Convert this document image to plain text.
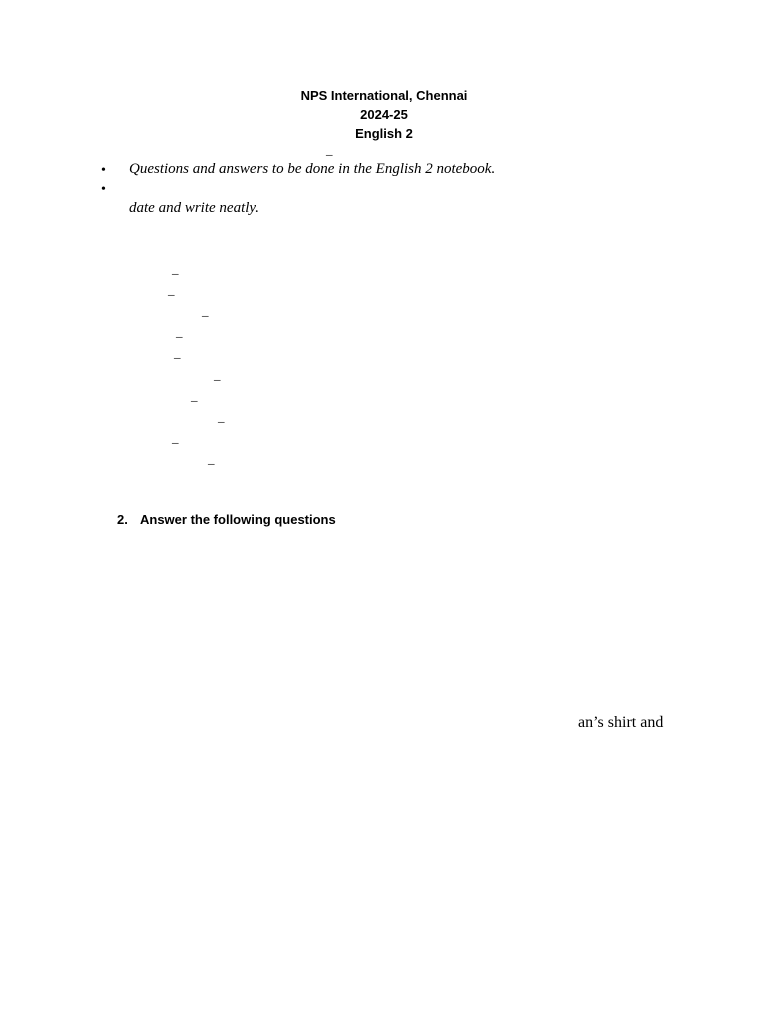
NPS International, Chennai
2024-25
English 2
_
• Questions and answers to be done in the English 2 notebook.
•
date and write neatly.
_
_
_
_
_
_
_
_
_
_
2. Answer the following questions
an’s shirt and
